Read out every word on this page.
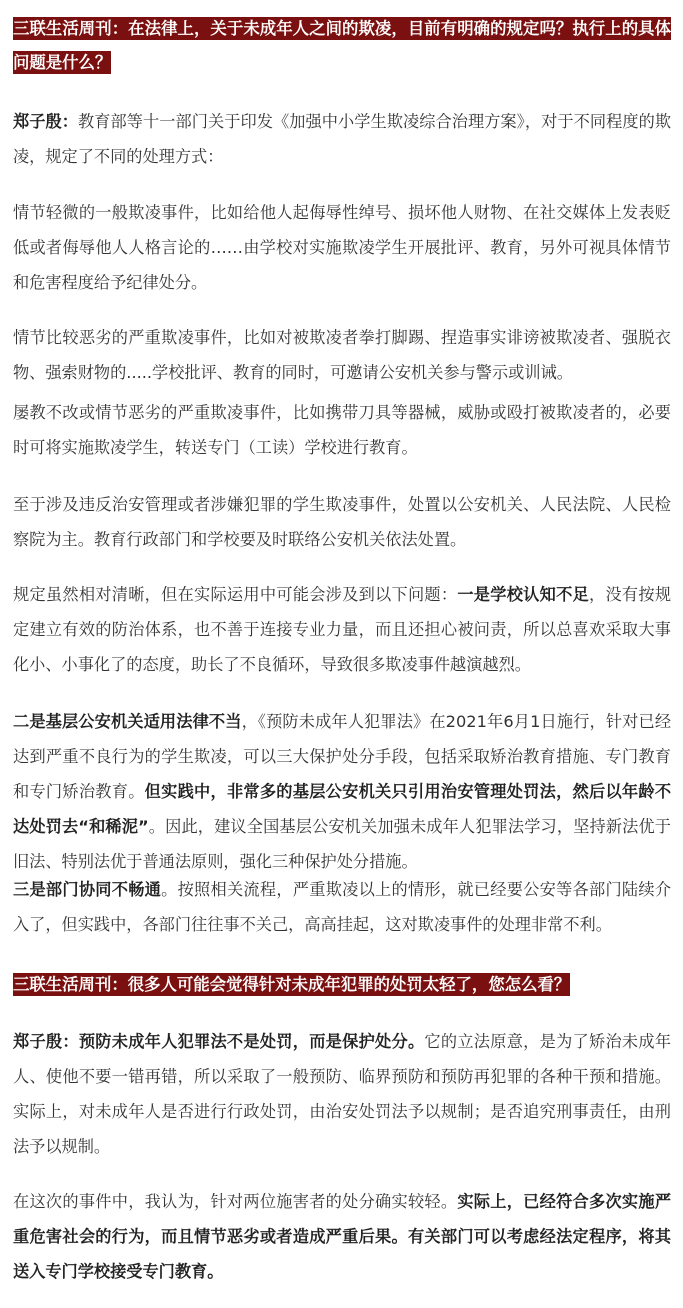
三联生活周刊：在法律上，关于未成年人之间的欺凌，目前有明确的规定吗？执行上的具体问题是什么？
郑子殷：教育部等十一部门关于印发《加强中小学生欺凌综合治理方案》，对于不同程度的欺凌，规定了不同的处理方式：
情节轻微的一般欺凌事件，比如给他人起侮辱性绰号、损坏他人财物、在社交媒体上发表贬低或者侮辱他人人格言论的……由学校对实施欺凌学生开展批评、教育，另外可视具体情节和危害程度给予纪律处分。
情节比较恶劣的严重欺凌事件，比如对被欺凌者拳打脚踢、捏造事实诽谤被欺凌者、强脱衣物、强索财物的.....学校批评、教育的同时，可邀请公安机关参与警示或训诫。
屡教不改或情节恶劣的严重欺凌事件，比如携带刀具等器械，威胁或殴打被欺凌者的，必要时可将实施欺凌学生，转送专门（工读）学校进行教育。
至于涉及违反治安管理或者涉嫌犯罪的学生欺凌事件，处置以公安机关、人民法院、人民检察院为主。教育行政部门和学校要及时联络公安机关依法处置。
规定虽然相对清晰，但在实际运用中可能会涉及到以下问题：一是学校认知不足，没有按规定建立有效的防治体系，也不善于连接专业力量，而且还担心被问责，所以总喜欢采取大事化小、小事化了的态度，助长了不良循环，导致很多欺凌事件越演越烈。
二是基层公安机关适用法律不当，《预防未成年人犯罪法》在2021年6月1日施行，针对已经达到严重不良行为的学生欺凌，可以三大保护处分手段，包括采取矫治教育措施、专门教育和专门矫治教育。但实践中，非常多的基层公安机关只引用治安管理处罚法，然后以年龄不达处罚去“和稀泥”。因此，建议全国基层公安机关加强未成年人犯罪法学习，坚持新法优于旧法、特别法优于普通法原则，强化三种保护处分措施。
三是部门协同不畅通。按照相关流程，严重欺凌以上的情形，就已经要公安等各部门陆续介入了，但实践中，各部门往往事不关己，高高挂起，这对欺凌事件的处理非常不利。
三联生活周刊：很多人可能会觉得针对未成年犯罪的处罚太轻了，您怎么看？
郑子殷：预防未成年人犯罪法不是处罚，而是保护处分。它的立法原意，是为了矫治未成年人、使他不要一错再错，所以采取了一般预防、临界预防和预防再犯罪的各种干预和措施。实际上，对未成年人是否进行行政处罚，由治安处罚法予以规制；是否追究刑事责任，由刑法予以规制。
在这次的事件中，我认为，针对两位施害者的处分确实较轻。实际上，已经符合多次实施严重危害社会的行为，而且情节恶劣或者造成严重后果。有关部门可以考虑经法定程序，将其送入专门学校接受专门教育。
